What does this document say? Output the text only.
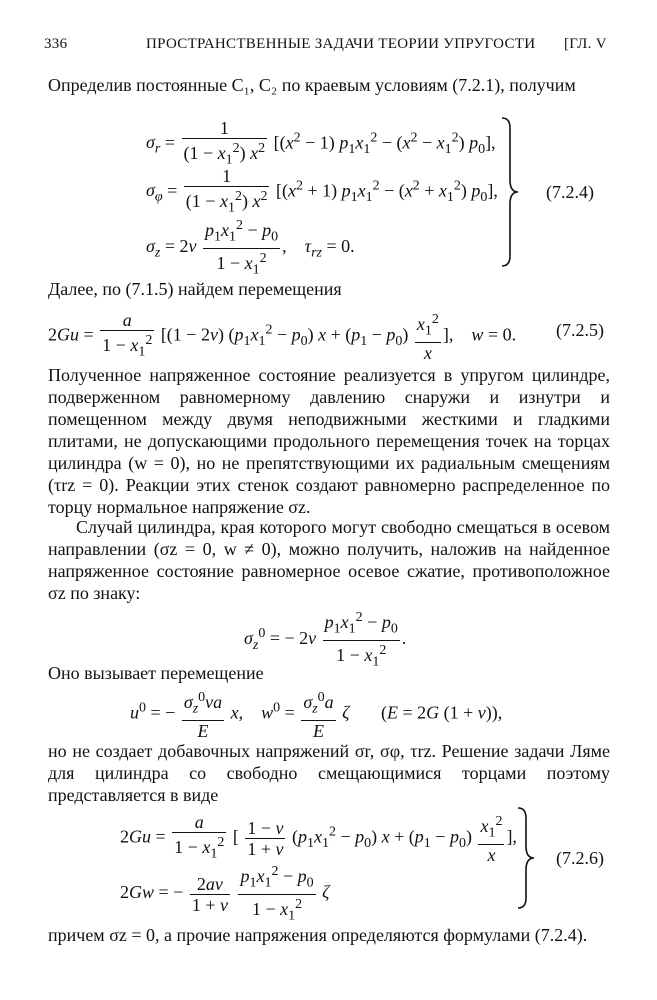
336	ПРОСТРАНСТВЕННЫЕ ЗАДАЧИ ТЕОРИИ УПРУГОСТИ [ГЛ. V
Определив постоянные C₁, C₂ по краевым условиям (7.2.1), получим
$\sigma_r = \frac{1}{(1 - x_1^2) x^2} [(x^2 - 1) p_1x_1^2 - (x^2 - x_1^2)$ $p_0$],
$\sigma_\varphi = \frac{1}{(1 - x_1^2) x^2} [(x^2 + 1) p_1x_1^2 - (x^2 + x_1^2)$ $p_0$],
$\sigma_z = 2\nu \frac{p_1x_1^2 - p_0}{1 - x_1^2}$ ,    $\tau_{rz} = 0$.
(7.2.4)
Далее, по (7.1.5) найдем перемещения
$2Gu = \frac{a}{1 - x_1^2} [(1 - 2\nu) (p_1x_1^2 - p_0) x + (p_1 - p_0) \frac{x_1^2}{x}$ ],    w = 0. (7.2.5)
Полученное напряженное состояние реализуется в упругом цилиндре, подверженном равномерному давлению снаружи и изнутри и помещенном между двумя неподвижными жесткими и гладкими плитами, не допускающими продольного перемещения точек на торцах цилиндра (w = 0), но не препятствующими их радиальным смещениям (τrz = 0). Реакции этих стенок создают равномерно распределенное по торцу нормальное напряжение σz.
Случай цилиндра, края которого могут свободно смещаться в осевом направлении (σz = 0, w ≠ 0), можно получить, наложив на найденное напряженное состояние равномерное осевое сжатие, противоположное σz по знаку:
$\sigma_z^0$ = − $2\nu \frac{p_1x_1^2 - p_0}{1 - x_1^2}$ .
Оно вызывает перемещение
$u^0$ = − $\frac{\sigma_z^0\nu a}{E} x$,    $w^0 = \frac{\sigma_z^0a}{E}$ ζ       (E = 2G (1 + ν)),
но не создает добавочных напряжений σr, σφ, τrz. Решение задачи Ляме для цилиндра со свободно смещающимися торцами поэтому представляется в виде
$2Gu = \frac{a}{1 - x_1^2}$ [ $\frac{1 - \nu}{1 + \nu} (p_1x_1^2 - p_0) x + (p_1 - p_0) \frac{x_1^2}{x}$ ],
2Gw = − $\frac{2a\nu}{1 + \nu}$
$\frac{p_1x_1^2 - p_0}{1 - x_1^2}$ ζ
(7.2.6)
причем σz = 0, а прочие напряжения определяются формулами (7.2.4).
